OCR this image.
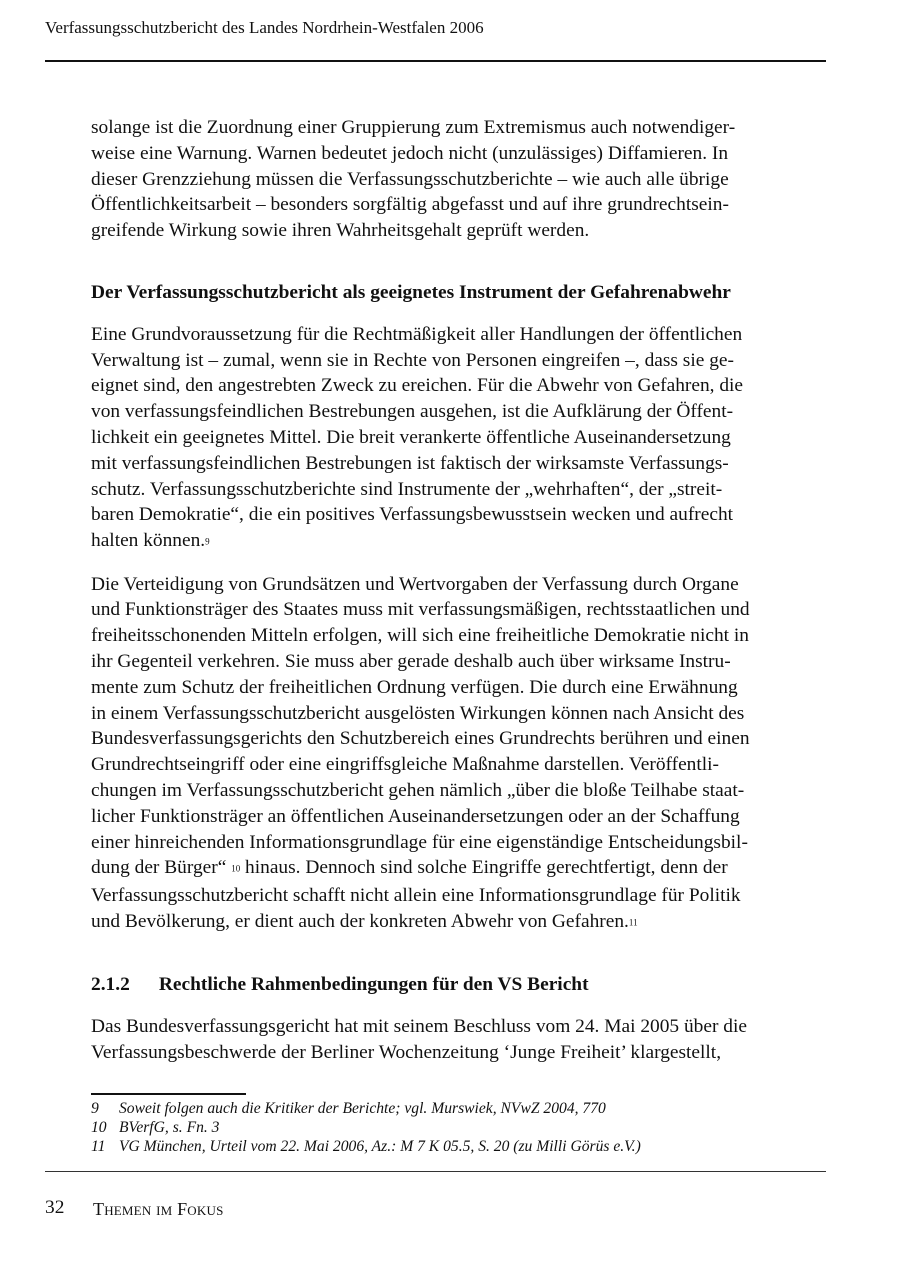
Verfassungsschutzbericht des Landes Nordrhein-Westfalen 2006

solange ist die Zuordnung einer Gruppierung zum Extremismus auch notwendiger-
weise eine Warnung. Warnen bedeutet jedoch nicht (unzulässiges) Diffamieren. In
dieser Grenzziehung müssen die Verfassungsschutzberichte – wie auch alle übrige
Öffentlichkeitsarbeit – besonders sorgfältig abgefasst und auf ihre grundrechtsein-
greifende Wirkung sowie ihren Wahrheitsgehalt geprüft werden.

Der Verfassungsschutzbericht als geeignetes Instrument der Gefahrenabwehr

Eine Grundvoraussetzung für die Rechtmäßigkeit aller Handlungen der öffentlichen
Verwaltung ist – zumal, wenn sie in Rechte von Personen eingreifen –, dass sie ge-
eignet sind, den angestrebten Zweck zu ereichen. Für die Abwehr von Gefahren, die
von verfassungsfeindlichen Bestrebungen ausgehen, ist die Aufklärung der Öffent-
lichkeit ein geeignetes Mittel. Die breit verankerte öffentliche Auseinandersetzung
mit verfassungsfeindlichen Bestrebungen ist faktisch der wirksamste Verfassungs-
schutz. Verfassungsschutzberichte sind Instrumente der „wehrhaften“, der „streit-
baren Demokratie“, die ein positives Verfassungsbewusstsein wecken und aufrecht
halten können.9

Die Verteidigung von Grundsätzen und Wertvorgaben der Verfassung durch Organe
und Funktionsträger des Staates muss mit verfassungsmäßigen, rechtsstaatlichen und
freiheitsschonenden Mitteln erfolgen, will sich eine freiheitliche Demokratie nicht in
ihr Gegenteil verkehren. Sie muss aber gerade deshalb auch über wirksame Instru-
mente zum Schutz der freiheitlichen Ordnung verfügen. Die durch eine Erwähnung
in einem Verfassungsschutzbericht ausgelösten Wirkungen können nach Ansicht des
Bundesverfassungsgerichts den Schutzbereich eines Grundrechts berühren und einen
Grundrechtseingriff oder eine eingriffsgleiche Maßnahme darstellen. Veröffentli-
chungen im Verfassungsschutzbericht gehen nämlich „über die bloße Teilhabe staat-
licher Funktionsträger an öffentlichen Auseinandersetzungen oder an der Schaffung
einer hinreichenden Informationsgrundlage für eine eigenständige Entscheidungsbil-
dung der Bürger“ 10 hinaus. Dennoch sind solche Eingriffe gerechtfertigt, denn der
Verfassungsschutzbericht schafft nicht allein eine Informationsgrundlage für Politik
und Bevölkerung, er dient auch der konkreten Abwehr von Gefahren.11

2.1.2  Rechtliche Rahmenbedingungen für den VS Bericht

Das Bundesverfassungsgericht hat mit seinem Beschluss vom 24. Mai 2005 über die
Verfassungsbeschwerde der Berliner Wochenzeitung ‘Junge Freiheit’ klargestellt,

9 Soweit folgen auch die Kritiker der Berichte; vgl. Murswiek, NVwZ 2004, 770
10 BVerfG, s. Fn. 3
11 VG München, Urteil vom 22. Mai 2006, Az.: M 7 K 05.5, S. 20 (zu Milli Görüs e.V.)
32 Themen im Fokus
